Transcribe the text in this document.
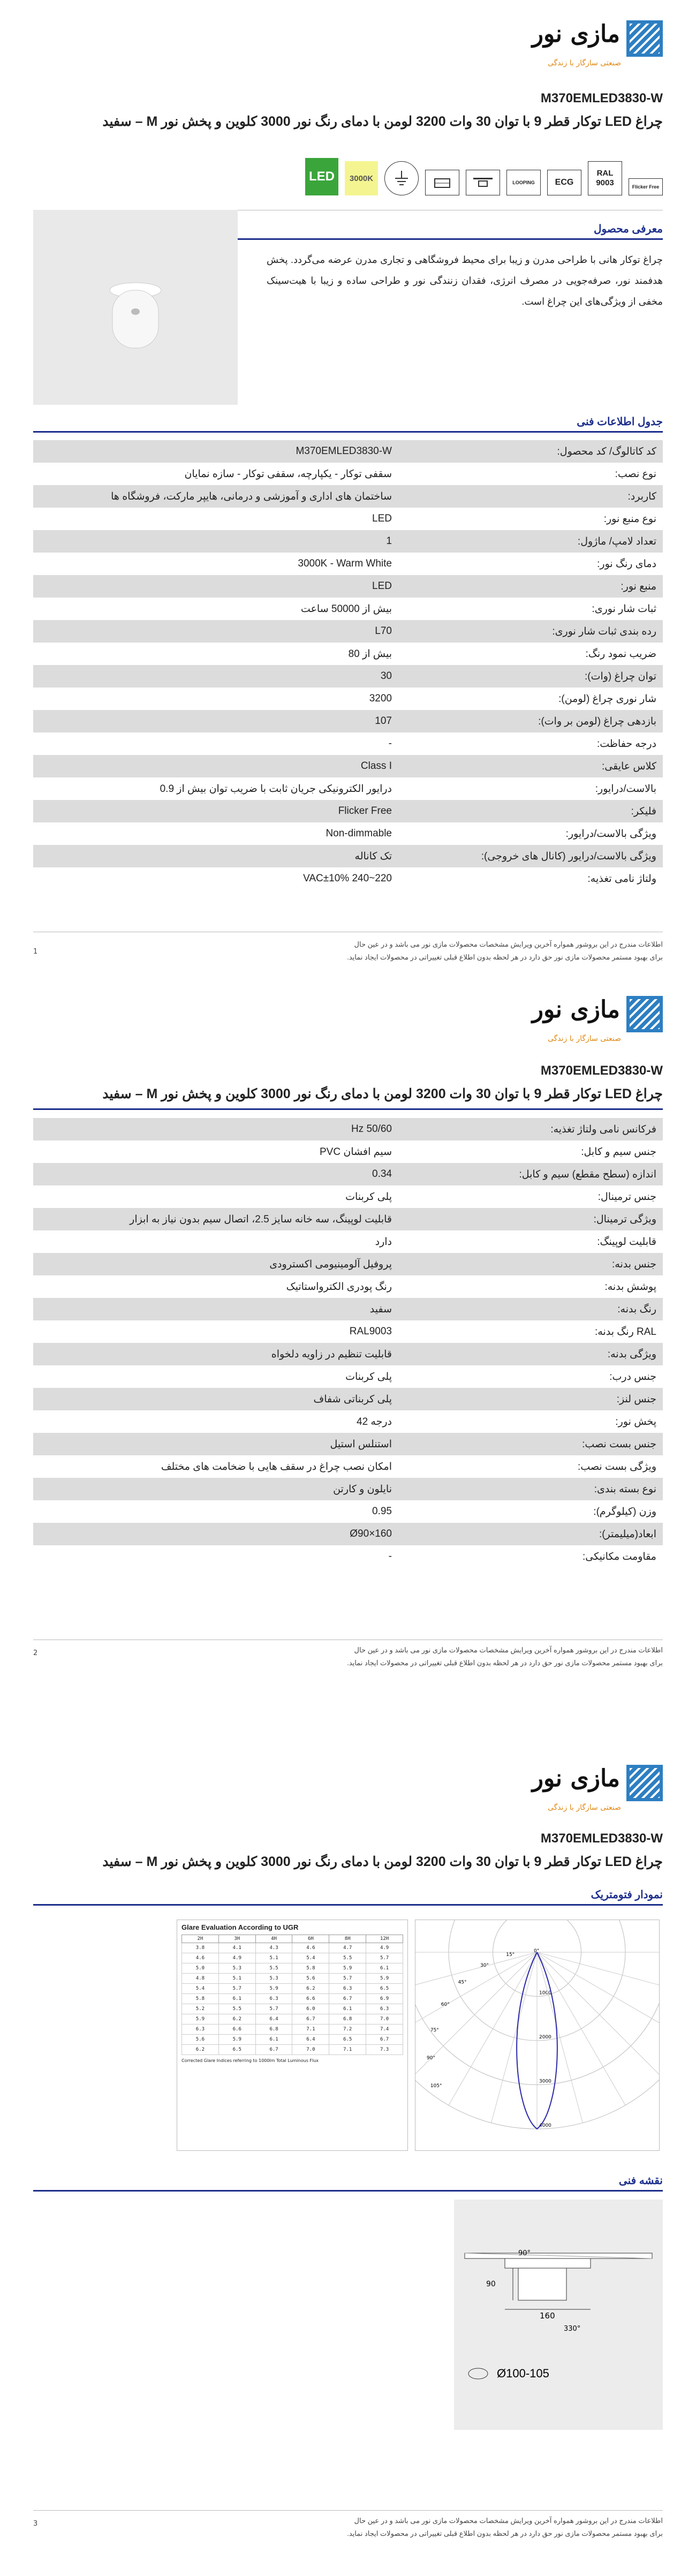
مازی نور
صنعتی سازگار با زندگی
M370EMLED3830-W
چراغ LED توکار قطر 9 با توان 30 وات 3200 لومن با دمای رنگ نور 3000 کلوین و پخش نور M – سفید
Flicker Free
RAL 9003
ECG
LOOPING
3000K
LED
معرفی محصول
چراغ توکار هانی با طراحی مدرن و زیبا برای محیط فروشگاهی و تجاری مدرن عرضه می‌گردد. پخش هدفمند نور، صرفه‌جویی در مصرف انرژی، فقدان زنندگی نور و طراحی ساده و زیبا با هیت‌سینک مخفی از ویژگی‌های این چراغ است.
جدول اطلاعات فنی
M370EMLED3830-W	کد کاتالوگ/ کد محصول:
سقفی توکار - یکپارچه، سقفی توکار - سازه نمایان	نوع نصب:
ساختمان های اداری و آموزشی و درمانی، هایپر مارکت، فروشگاه ها	کاربرد:
LED	نوع منبع نور:
1	تعداد لامپ/ ماژول:
3000K - Warm White	دمای رنگ نور:
LED	منبع نور:
بیش از 50000 ساعت	ثبات شار نوری:
L70	رده بندی ثبات شار نوری:
بیش از 80	ضریب نمود رنگ:
30	توان چراغ (وات):
3200	شار نوری چراغ (لومن):
107	بازدهی چراغ (لومن بر وات):
-	درجه حفاظت:
Class I	کلاس عایقی:
درایور الکترونیکی جریان ثابت با ضریب توان بیش از 0.9	بالاست/درایور:
Flicker Free	فلیکر:
Non-dimmable	ویژگی بالاست/درایور:
تک کاناله	ویژگی بالاست/درایور (کانال های خروجی):
220~240 VAC±10%	ولتاژ نامی تغذیه:
اطلاعات مندرج در این بروشور همواره آخرین ویرایش مشخصات محصولات مازی نور می باشد و در عین حال
برای بهبود مستمر محصولات مازی نور حق دارد در هر لحظه بدون اطلاع قبلی تغییراتی در محصولات ایجاد نماید.
1
مازی نور
صنعتی سازگار با زندگی
M370EMLED3830-W
چراغ LED توکار قطر 9 با توان 30 وات 3200 لومن با دمای رنگ نور 3000 کلوین و پخش نور M – سفید
50/60 Hz	فرکانس نامی ولتاژ تغذیه:
سیم افشان PVC	جنس سیم و کابل:
0.34	اندازه (سطح مقطع) سیم و کابل:
پلی کربنات	جنس ترمینال:
قابلیت لوپینگ، سه خانه سایز 2.5، اتصال سیم بدون نیاز به ابزار	ویژگی ترمینال:
دارد	قابلیت لوپینگ:
پروفیل آلومینیومی اکسترودی	جنس بدنه:
رنگ پودری الکترواستاتیک	پوشش بدنه:
سفید	رنگ بدنه:
RAL9003	RAL رنگ بدنه:
قابلیت تنظیم در زاویه دلخواه	ویژگی بدنه:
پلی کربنات	جنس درب:
پلی کربناتی شفاف	جنس لنز:
درجه 42	پخش نور:
استنلس استیل	جنس بست نصب:
امکان نصب چراغ در سقف هایی با ضخامت های مختلف	ویژگی بست نصب:
نایلون و کارتن	نوع بسته بندی:
0.95	وزن (کیلوگرم):
Ø90×160	ابعاد(میلیمتر):
-	مقاومت مکانیکی:
اطلاعات مندرج در این بروشور همواره آخرین ویرایش مشخصات محصولات مازی نور می باشد و در عین حال
برای بهبود مستمر محصولات مازی نور حق دارد در هر لحظه بدون اطلاع قبلی تغییراتی در محصولات ایجاد نماید.
2
مازی نور
صنعتی سازگار با زندگی
M370EMLED3830-W
چراغ LED توکار قطر 9 با توان 30 وات 3200 لومن با دمای رنگ نور 3000 کلوین و پخش نور M – سفید
نمودار فتومتریک
Glare Evaluation According to UGR
2H	3H	4H	6H	8H	12H
3.8	4.1	4.3	4.6	4.7	4.9
4.6	4.9	5.1	5.4	5.5	5.7
5.0	5.3	5.5	5.8	5.9	6.1
4.8	5.1	5.3	5.6	5.7	5.9
5.4	5.7	5.9	6.2	6.3	6.5
5.8	6.1	6.3	6.6	6.7	6.9
5.2	5.5	5.7	6.0	6.1	6.3
5.9	6.2	6.4	6.7	6.8	7.0
6.3	6.6	6.8	7.1	7.2	7.4
5.6	5.9	6.1	6.4	6.5	6.7
6.2	6.5	6.7	7.0	7.1	7.3
Corrected Glare Indices referring to 1000lm Total Luminous Flux
1000
2000
3000
4000
105°
90°
75°
60°
45°
30°
15°
0°
نقشه فنی
90
160
90°
330°
Ø100-105
اطلاعات مندرج در این بروشور همواره آخرین ویرایش مشخصات محصولات مازی نور می باشد و در عین حال
برای بهبود مستمر محصولات مازی نور حق دارد در هر لحظه بدون اطلاع قبلی تغییراتی در محصولات ایجاد نماید.
3
